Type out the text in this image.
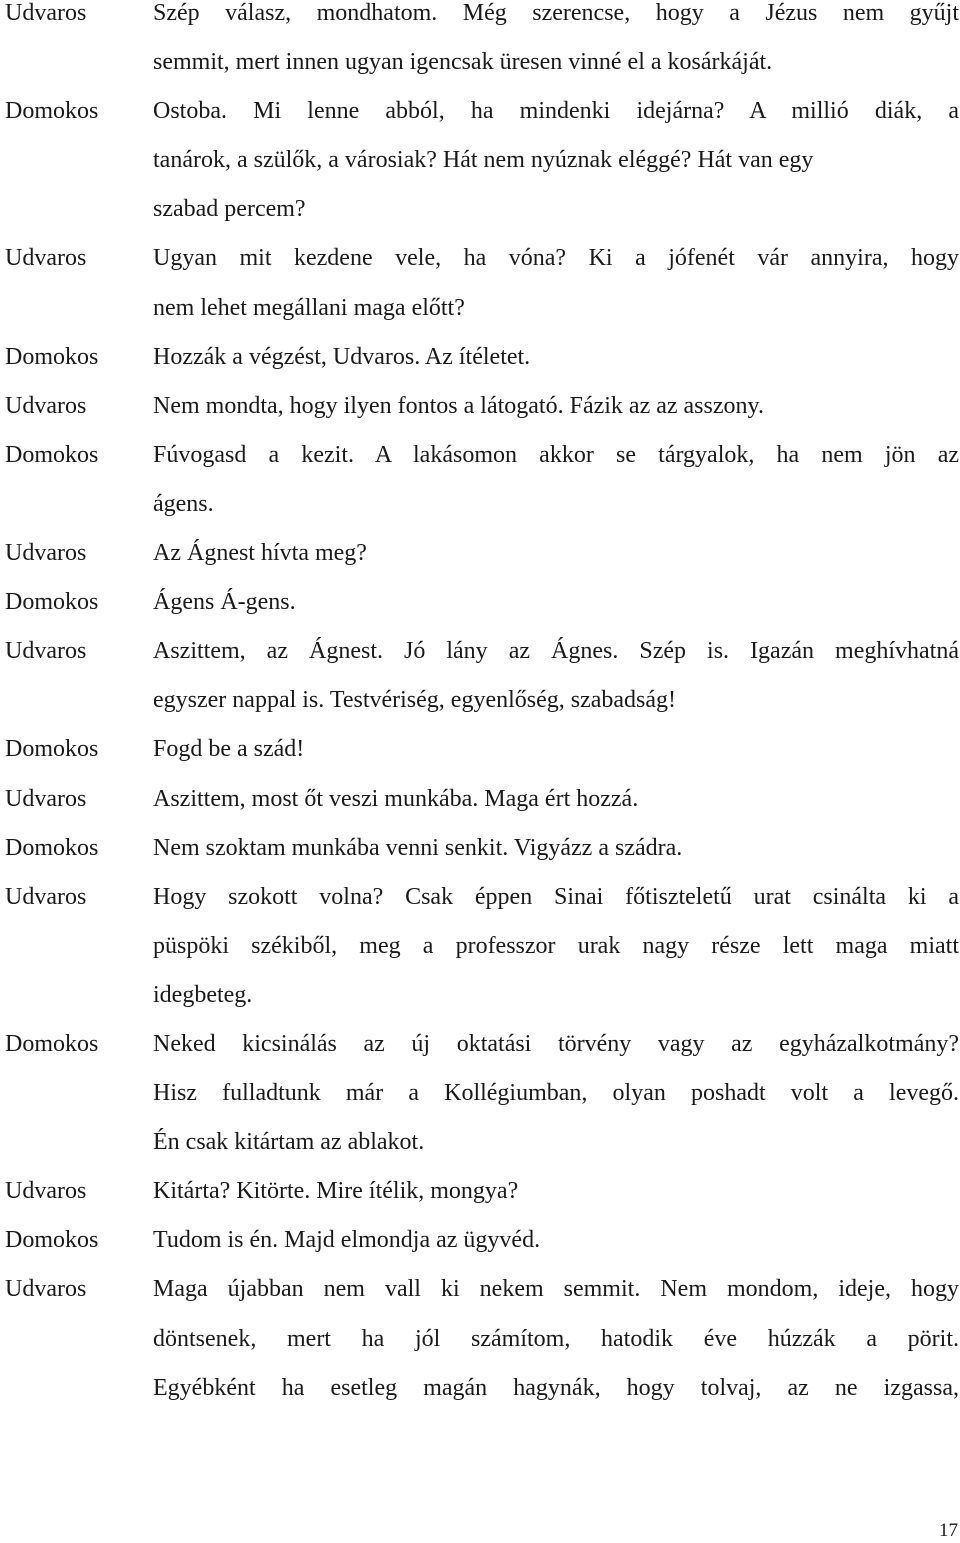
Udvaros	Szép válasz, mondhatom. Még szerencse, hogy a Jézus nem gyűjt
semmit, mert innen ugyan igencsak üresen vinné el a kosárkáját.
Domokos Ostoba. Mi lenne abból, ha mindenki idejárna? A millió diák, a
tanárok, a szülők, a városiak? Hát nem nyúznak eléggé? Hát van egy
szabad percem?
Udvaros	Ugyan mit kezdene vele, ha vóna? Ki a jófenét vár annyira, hogy
nem lehet megállani maga előtt?
Domokos Hozzák a végzést, Udvaros. Az ítéletet.
Udvaros	Nem mondta, hogy ilyen fontos a látogató. Fázik az az asszony.
Domokos Fúvogasd a kezit. A lakásomon akkor se tárgyalok, ha nem jön az
ágens.
Udvaros	Az Ágnest hívta meg?
Domokos Ágens Á-gens.
Udvaros	Aszittem, az Ágnest. Jó lány az Ágnes. Szép is. Igazán meghívhatná
egyszer nappal is. Testvériség, egyenlőség, szabadság!
Domokos Fogd be a szád!
Udvaros	Aszittem, most őt veszi munkába. Maga ért hozzá.
Domokos Nem szoktam munkába venni senkit. Vigyázz a szádra.
Udvaros	Hogy szokott volna? Csak éppen Sinai főtiszteletű urat csinálta ki a
püspöki székiből, meg a professzor urak nagy része lett maga miatt
idegbeteg.
Domokos Neked kicsinálás az új oktatási törvény vagy az egyházalkotmány?
Hisz fulladtunk már a Kollégiumban, olyan poshadt volt a levegő.
Én csak kitártam az ablakot.
Udvaros	Kitárta? Kitörte. Mire ítélik, mongya?
Domokos Tudom is én. Majd elmondja az ügyvéd.
Udvaros	Maga újabban nem vall ki nekem semmit. Nem mondom, ideje, hogy
döntsenek, mert ha jól számítom, hatodik éve húzzák a pörit.
Egyébként ha esetleg magán hagynák, hogy tolvaj, az ne izgassa,
17
